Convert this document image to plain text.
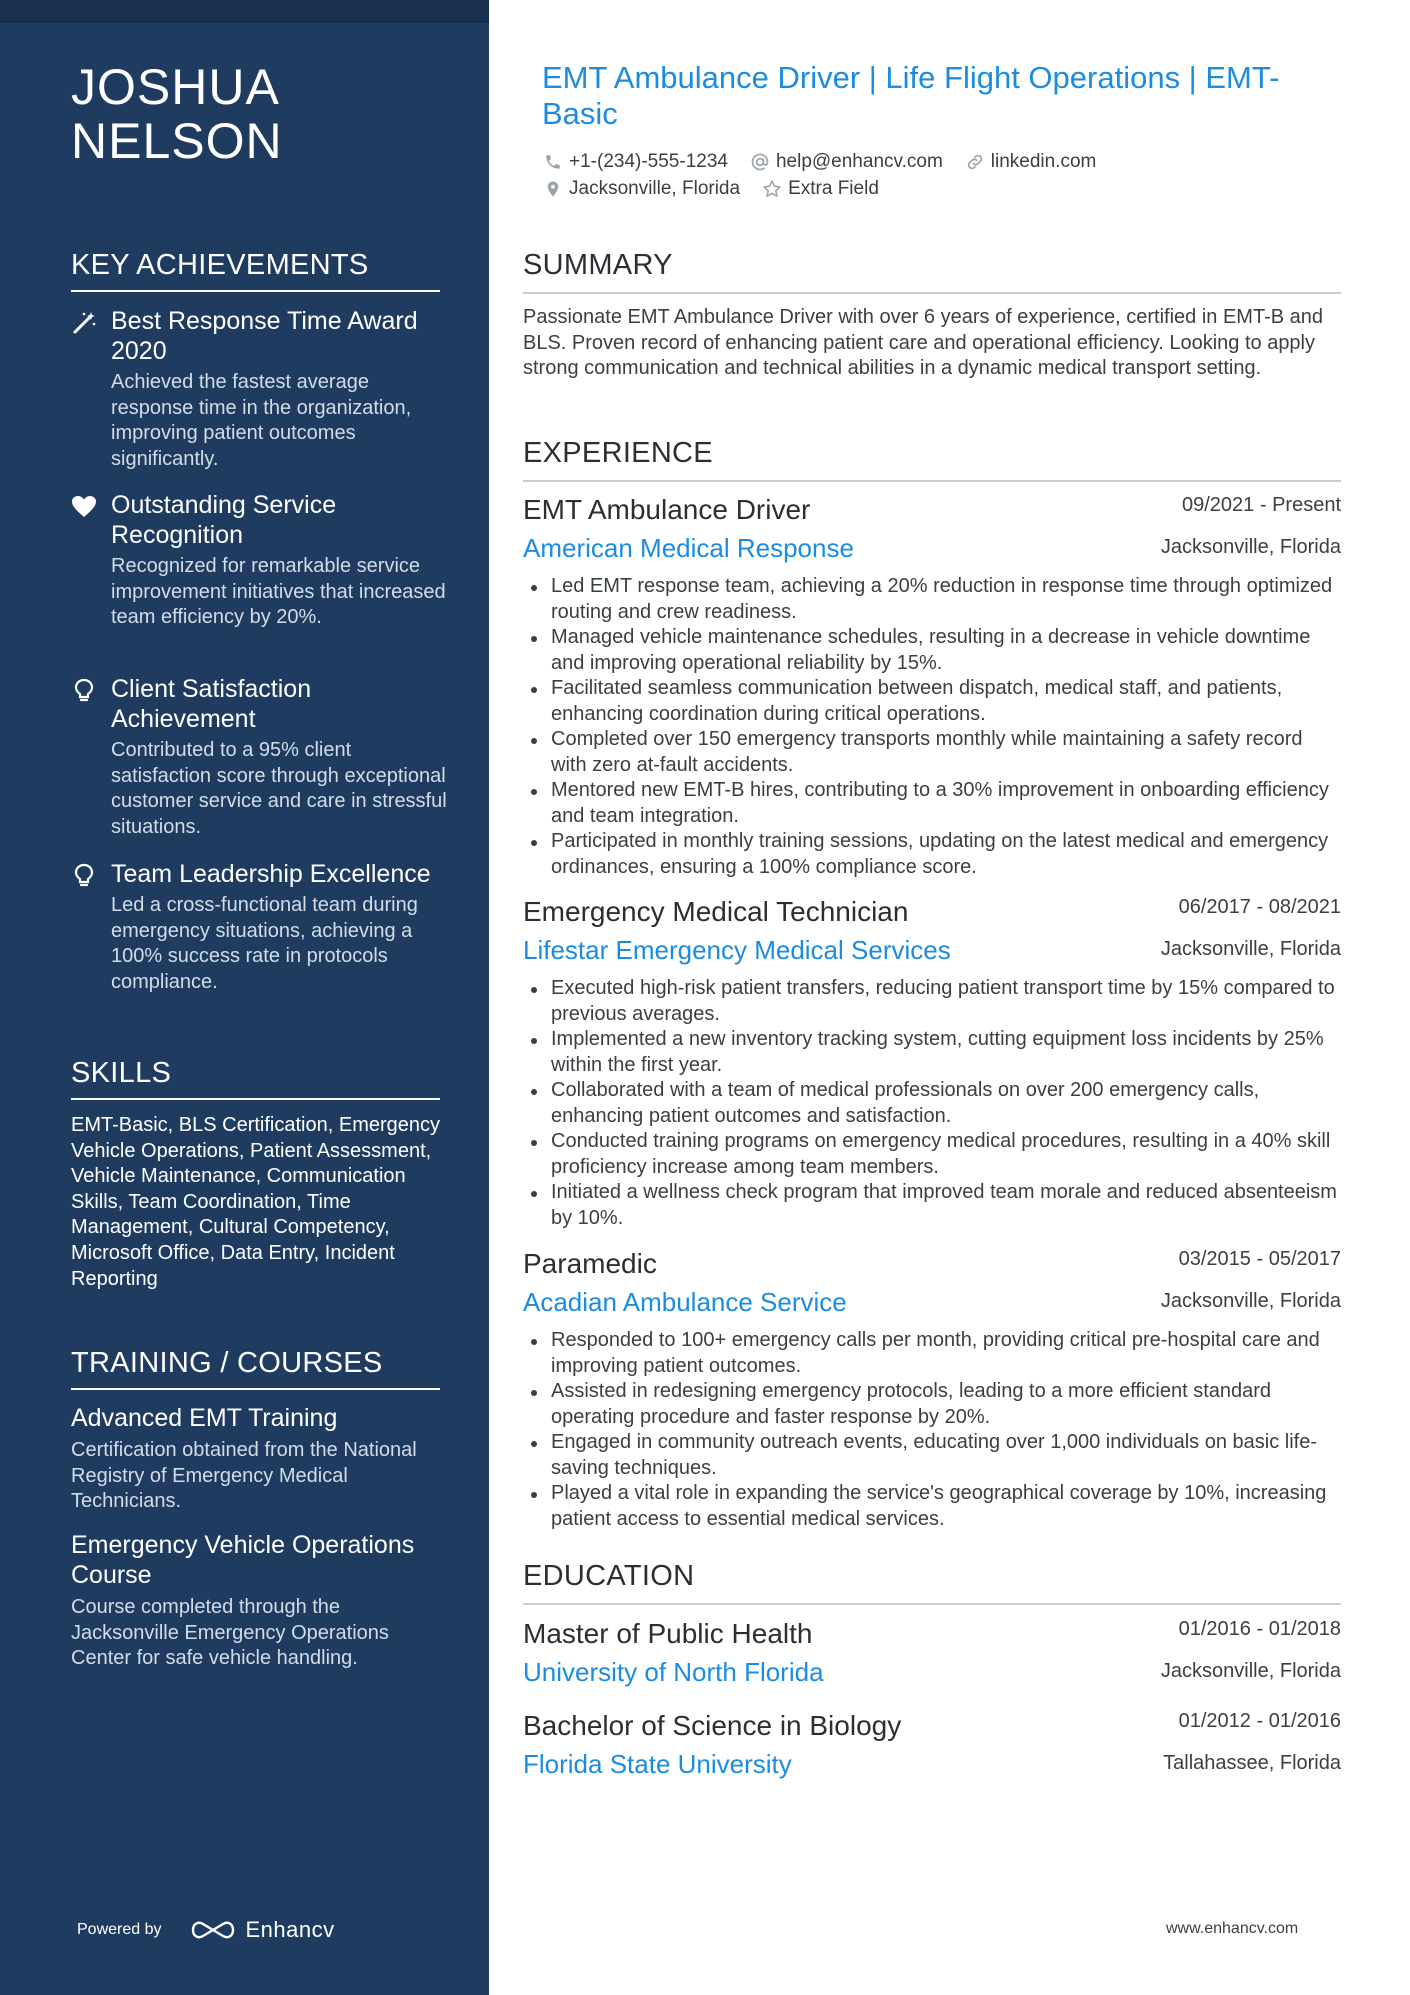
JOSHUA
NELSON
KEY ACHIEVEMENTS
Best Response Time Award 2020
Achieved the fastest average response time in the organization, improving patient outcomes significantly.
Outstanding Service Recognition
Recognized for remarkable service improvement initiatives that increased team efficiency by 20%.
Client Satisfaction Achievement
Contributed to a 95% client satisfaction score through exceptional customer service and care in stressful situations.
Team Leadership Excellence
Led a cross-functional team during emergency situations, achieving a 100% success rate in protocols compliance.
SKILLS
EMT-Basic, BLS Certification, Emergency Vehicle Operations, Patient Assessment, Vehicle Maintenance, Communication Skills, Team Coordination, Time Management, Cultural Competency, Microsoft Office, Data Entry, Incident Reporting
TRAINING / COURSES
Advanced EMT Training
Certification obtained from the National Registry of Emergency Medical Technicians.
Emergency Vehicle Operations Course
Course completed through the Jacksonville Emergency Operations Center for safe vehicle handling.
Powered by	Enhancv
EMT Ambulance Driver | Life Flight Operations | EMT-Basic
+1-(234)-555-1234	help@enhancv.com	linkedin.com
Jacksonville, Florida	Extra Field
SUMMARY
Passionate EMT Ambulance Driver with over 6 years of experience, certified in EMT-B and BLS. Proven record of enhancing patient care and operational efficiency. Looking to apply strong communication and technical abilities in a dynamic medical transport setting.
EXPERIENCE
EMT Ambulance Driver	09/2021 - Present
American Medical Response	Jacksonville, Florida
Led EMT response team, achieving a 20% reduction in response time through optimized routing and crew readiness.
Managed vehicle maintenance schedules, resulting in a decrease in vehicle downtime and improving operational reliability by 15%.
Facilitated seamless communication between dispatch, medical staff, and patients, enhancing coordination during critical operations.
Completed over 150 emergency transports monthly while maintaining a safety record with zero at-fault accidents.
Mentored new EMT-B hires, contributing to a 30% improvement in onboarding efficiency and team integration.
Participated in monthly training sessions, updating on the latest medical and emergency ordinances, ensuring a 100% compliance score.
Emergency Medical Technician	06/2017 - 08/2021
Lifestar Emergency Medical Services	Jacksonville, Florida
Executed high-risk patient transfers, reducing patient transport time by 15% compared to previous averages.
Implemented a new inventory tracking system, cutting equipment loss incidents by 25% within the first year.
Collaborated with a team of medical professionals on over 200 emergency calls, enhancing patient outcomes and satisfaction.
Conducted training programs on emergency medical procedures, resulting in a 40% skill proficiency increase among team members.
Initiated a wellness check program that improved team morale and reduced absenteeism by 10%.
Paramedic	03/2015 - 05/2017
Acadian Ambulance Service	Jacksonville, Florida
Responded to 100+ emergency calls per month, providing critical pre-hospital care and improving patient outcomes.
Assisted in redesigning emergency protocols, leading to a more efficient standard operating procedure and faster response by 20%.
Engaged in community outreach events, educating over 1,000 individuals on basic life-saving techniques.
Played a vital role in expanding the service's geographical coverage by 10%, increasing patient access to essential medical services.
EDUCATION
Master of Public Health	01/2016 - 01/2018
University of North Florida	Jacksonville, Florida
Bachelor of Science in Biology	01/2012 - 01/2016
Florida State University	Tallahassee, Florida
www.enhancv.com
